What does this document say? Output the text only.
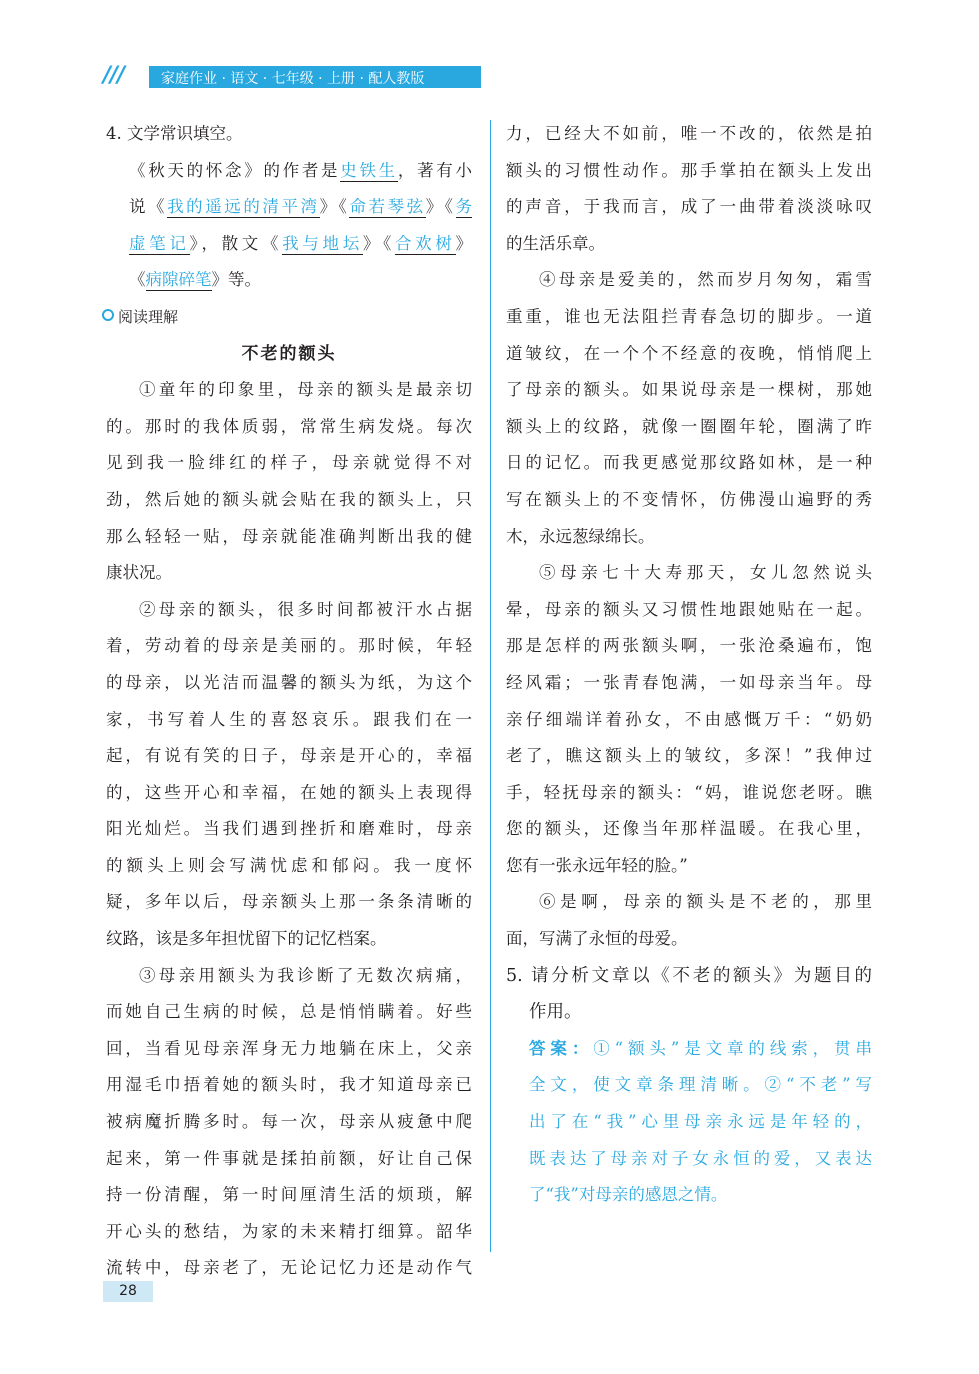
///	家庭作业 · 语文 · 七年级 · 上册 · 配人教版
4. 文学常识填空。
《秋天的怀念》的作者是史铁生，著有小
说《我的遥远的清平湾》《命若琴弦》《务
虚笔记》，散文《我与地坛》《合欢树》
《病隙碎笔》等。
阅读理解
不老的额头
①童年的印象里，母亲的额头是最亲切
的。那时的我体质弱，常常生病发烧。每次
见到我一脸绯红的样子，母亲就觉得不对
劲，然后她的额头就会贴在我的额头上，只
那么轻轻一贴，母亲就能准确判断出我的健
康状况。
②母亲的额头，很多时间都被汗水占据
着，劳动着的母亲是美丽的。那时候，年轻
的母亲，以光洁而温馨的额头为纸，为这个
家，书写着人生的喜怒哀乐。跟我们在一
起，有说有笑的日子，母亲是开心的，幸福
的，这些开心和幸福，在她的额头上表现得
阳光灿烂。当我们遇到挫折和磨难时，母亲
的额头上则会写满忧虑和郁闷。我一度怀
疑，多年以后，母亲额头上那一条条清晰的
纹路，该是多年担忧留下的记忆档案 • • • •。
③母亲用额头为我诊断了无数次病痛，
而她自己生病的时候，总是悄悄瞒着。好些
回，当看见母亲浑身无力地躺在床上，父亲
用湿毛巾捂着她的额头时，我才知道母亲已
被病魔折腾多时。每一次，母亲从疲惫中爬
起来，第一件事就是揉拍前额，好让自己保
持一份清醒，第一时间厘清生活的烦琐，解
开心头的愁结，为家的未来精打细算。韶华
流转中，母亲老了，无论记忆力还是动作气
力，已经大不如前，唯一不改的，依然是拍
额头的习惯性动作。那手掌拍在额头上发出
的声音，于我而言，成了一曲带着淡淡咏叹
的生活乐章。
④母亲是爱美的，然而岁月匆匆，霜雪
重重，谁也无法阻拦青春急切的脚步。一道
道皱纹，在一个个不经意的夜晚，悄悄爬上
了母亲的额头。如果说母亲是一棵树，那她
额头上的纹路，就像一圈圈年轮，圈满了昨
日的记忆。而我更感觉那纹路如林，是一种
写在额头上的不变情怀，仿佛漫山遍野的秀
木，永远葱绿绵长。
⑤母亲七十大寿那天，女儿忽然说头
晕，母亲的额头又习惯性地跟她贴在一起。
那是怎样的两张额头啊，一张沧桑遍布，饱
经风霜；一张青春饱满，一如母亲当年。母
亲仔细端详着孙女，不由感慨万千：“奶奶
老了，瞧这额头上的皱纹，多深！”我伸过
手，轻抚母亲的额头：“妈，谁说您老呀。瞧
您的额头，还像当年那样温暖。在我心里，
您有一张永远年轻的脸。”
⑥是啊，母亲的额头是不老的，那里
面，写满了永恒的母爱。
5. 请分析文章以《不老的额头》为题目的
作用。
答案：①“额头”是文章的线索，贯串
全文，使文章条理清晰。②“不老”写
出了在“我”心里母亲永远是年轻的，
既表达了母亲对子女永恒的爱，又表达
了“我”对母亲的感恩之情。
28
